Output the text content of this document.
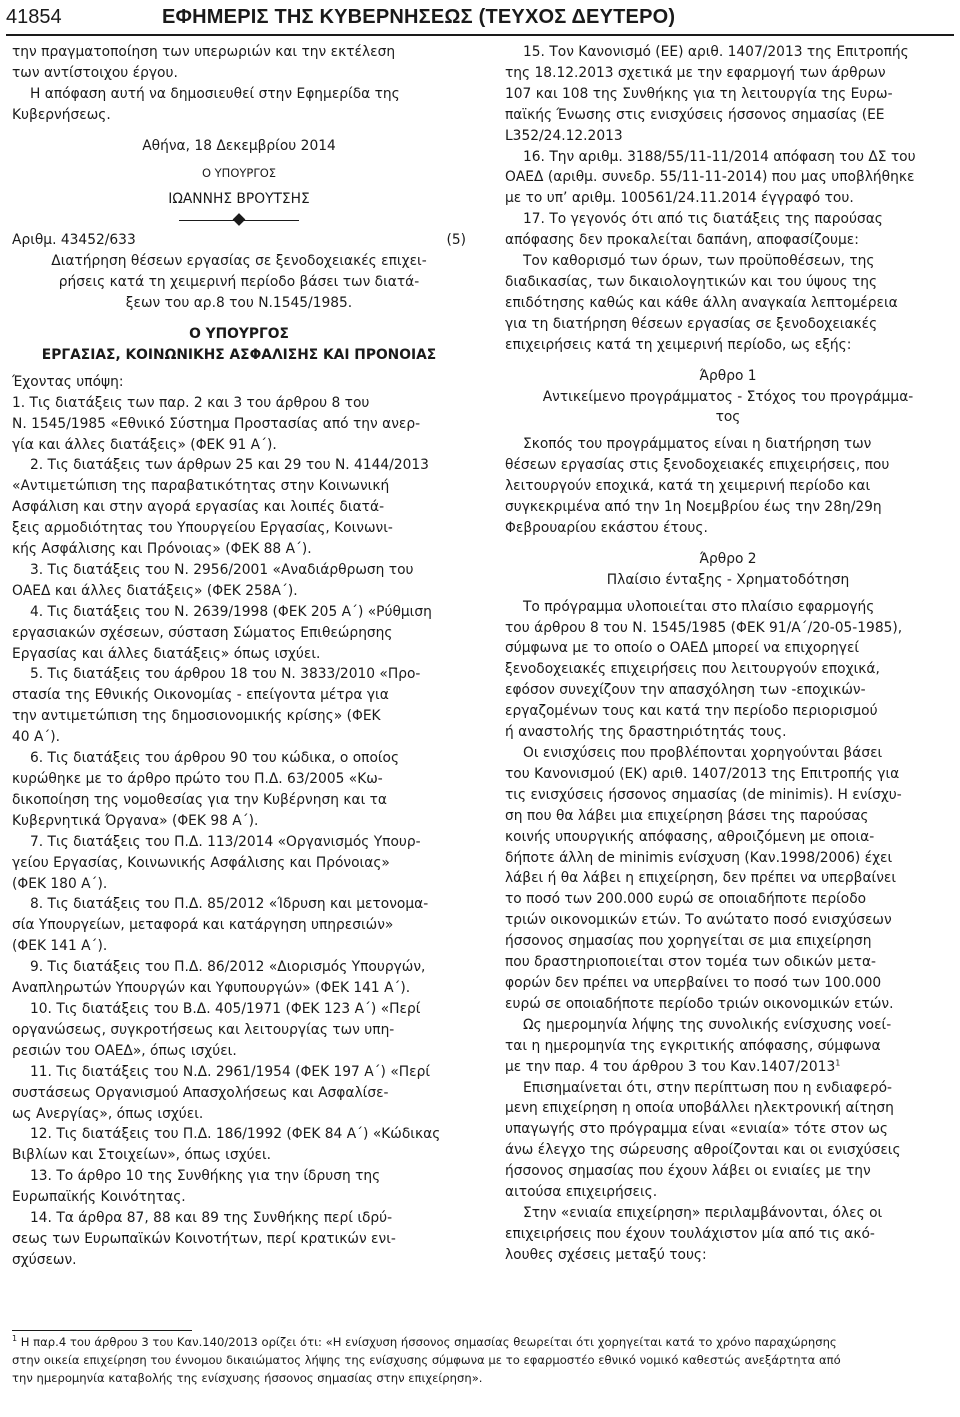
41854	ΕΦΗΜΕΡΙΣ ΤΗΣ ΚΥΒΕΡΝΗΣΕΩΣ (ΤΕΥΧΟΣ ΔΕΥΤΕΡΟ)

την πραγματοποίηση των υπερωριών και την εκτέλεση

των αντίστοιχου έργου.

Η απόφαση αυτή να δημοσιευθεί στην Εφημερίδα της

Κυβερνήσεως.

Αθήνα, 18 Δεκεμβρίου 2014

Ο ΥΠΟΥΡΓΟΣ

ΙΩΑΝΝΗΣ ΒΡΟΥΤΣΗΣ

Αριθμ. 43452/633	(5)

Διατήρηση θέσεων εργασίας σε ξενοδοχειακές επιχει-

ρήσεις κατά τη χειμερινή περίοδο βάσει των διατά-

ξεων του αρ.8 του Ν.1545/1985.

Ο ΥΠΟΥΡΓΟΣ

ΕΡΓΑΣΙΑΣ, ΚΟΙΝΩΝΙΚΗΣ ΑΣΦΑΛΙΣΗΣ ΚΑΙ ΠΡΟΝΟΙΑΣ

Έχοντας υπόψη:

1. Τις διατάξεις των παρ. 2 και 3 του άρθρου 8 του

Ν. 1545/1985 «Εθνικό Σύστημα Προστασίας από την ανερ-

γία και άλλες διατάξεις» (ΦΕΚ 91 Α΄).

2. Τις διατάξεις των άρθρων 25 και 29 του Ν. 4144/2013

«Αντιμετώπιση της παραβατικότητας στην Κοινωνική

Ασφάλιση και στην αγορά εργασίας και λοιπές διατά-

ξεις αρμοδιότητας του Υπουργείου Εργασίας, Κοινωνι-

κής Ασφάλισης και Πρόνοιας» (ΦΕΚ 88 Α΄).

3. Τις διατάξεις του Ν. 2956/2001 «Αναδιάρθρωση του

ΟΑΕΔ και άλλες διατάξεις» (ΦΕΚ 258Α΄).

4. Τις διατάξεις του Ν. 2639/1998 (ΦΕΚ 205 Α΄) «Ρύθμιση

εργασιακών σχέσεων, σύσταση Σώματος Επιθεώρησης

Εργασίας και άλλες διατάξεις» όπως ισχύει.

5. Τις διατάξεις του άρθρου 18 του Ν. 3833/2010 «Προ-

στασία της Εθνικής Οικονομίας - επείγοντα μέτρα για

την αντιμετώπιση της δημοσιονομικής κρίσης» (ΦΕΚ

40 Α΄).

6. Τις διατάξεις του άρθρου 90 του κώδικα, ο οποίος

κυρώθηκε με το άρθρο πρώτο του Π.Δ. 63/2005 «Κω-

δικοποίηση της νομοθεσίας για την Κυβέρνηση και τα

Κυβερνητικά Όργανα» (ΦΕΚ 98 Α΄).

7. Τις διατάξεις του Π.Δ. 113/2014 «Οργανισμός Υπουρ-

γείου Εργασίας, Κοινωνικής Ασφάλισης και Πρόνοιας»

(ΦΕΚ 180 Α΄).

8. Τις διατάξεις του Π.Δ. 85/2012 «Ίδρυση και μετονομα-

σία Υπουργείων, μεταφορά και κατάργηση υπηρεσιών»

(ΦΕΚ 141 Α΄).

9. Τις διατάξεις του Π.Δ. 86/2012 «Διορισμός Υπουργών,

Αναπληρωτών Υπουργών και Υφυπουργών» (ΦΕΚ 141 Α΄).

10. Τις διατάξεις του Β.Δ. 405/1971 (ΦΕΚ 123 Α΄) «Περί

οργανώσεως, συγκροτήσεως και λειτουργίας των υπη-

ρεσιών του ΟΑΕΔ», όπως ισχύει.

11. Τις διατάξεις του Ν.Δ. 2961/1954 (ΦΕΚ 197 Α΄) «Περί

συστάσεως Οργανισμού Απασχολήσεως και Ασφαλίσε-

ως Ανεργίας», όπως ισχύει.

12. Τις διατάξεις του Π.Δ. 186/1992 (ΦΕΚ 84 Α΄) «Κώδικας

Βιβλίων και Στοιχείων», όπως ισχύει.

13. Το άρθρο 10 της Συνθήκης για την ίδρυση της

Ευρωπαϊκής Κοινότητας.

14. Τα άρθρα 87, 88 και 89 της Συνθήκης περί ιδρύ-

σεως των Ευρωπαϊκών Κοινοτήτων, περί κρατικών ενι-

σχύσεων.

15. Τον Κανονισμό (ΕΕ) αριθ. 1407/2013 της Επιτροπής

της 18.12.2013 σχετικά με την εφαρμογή των άρθρων

107 και 108 της Συνθήκης για τη λειτουργία της Ευρω-

παϊκής Ένωσης στις ενισχύσεις ήσσονος σημασίας (ΕΕ

L352/24.12.2013

16. Την αριθμ. 3188/55/11-11/2014 απόφαση του ΔΣ του

ΟΑΕΔ (αριθμ. συνεδρ. 55/11-11-2014) που μας υποβλήθηκε

με το υπ’ αριθμ. 100561/24.11.2014 έγγραφό του.

17. Το γεγονός ότι από τις διατάξεις της παρούσας

απόφασης δεν προκαλείται δαπάνη, αποφασίζουμε:

Τον καθορισμό των όρων, των προϋποθέσεων, της

διαδικασίας, των δικαιολογητικών και του ύψους της

επιδότησης καθώς και κάθε άλλη αναγκαία λεπτομέρεια

για τη διατήρηση θέσεων εργασίας σε ξενοδοχειακές

επιχειρήσεις κατά τη χειμερινή περίοδο, ως εξής:

Άρθρο 1

Αντικείμενο προγράμματος - Στόχος του προγράμμα-

τος

Σκοπός του προγράμματος είναι η διατήρηση των

θέσεων εργασίας στις ξενοδοχειακές επιχειρήσεις, που

λειτουργούν εποχικά, κατά τη χειμερινή περίοδο και

συγκεκριμένα από την 1η Νοεμβρίου έως την 28η/29η

Φεβρουαρίου εκάστου έτους.

Άρθρο 2

Πλαίσιο ένταξης - Χρηματοδότηση

Το πρόγραμμα υλοποιείται στο πλαίσιο εφαρμογής

του άρθρου 8 του Ν. 1545/1985 (ΦΕΚ 91/Α΄/20-05-1985),

σύμφωνα με το οποίο ο ΟΑΕΔ μπορεί να επιχορηγεί

ξενοδοχειακές επιχειρήσεις που λειτουργούν εποχικά,

εφόσον συνεχίζουν την απασχόληση των -εποχικών-

εργαζομένων τους και κατά την περίοδο περιορισμού

ή αναστολής της δραστηριότητάς τους.

Οι ενισχύσεις που προβλέπονται χορηγούνται βάσει

του Κανονισμού (ΕΚ) αριθ. 1407/2013 της Επιτροπής για

τις ενισχύσεις ήσσονος σημασίας (de minimis). Η ενίσχυ-

ση που θα λάβει μια επιχείρηση βάσει της παρούσας

κοινής υπουργικής απόφασης, αθροιζόμενη με οποια-

δήποτε άλλη de minimis ενίσχυση (Καν.1998/2006) έχει

λάβει ή θα λάβει η επιχείρηση, δεν πρέπει να υπερβαίνει

το ποσό των 200.000 ευρώ σε οποιαδήποτε περίοδο

τριών οικονομικών ετών. Το ανώτατο ποσό ενισχύσεων

ήσσονος σημασίας που χορηγείται σε μια επιχείρηση

που δραστηριοποιείται στον τομέα των οδικών μετα-

φορών δεν πρέπει να υπερβαίνει το ποσό των 100.000

ευρώ σε οποιαδήποτε περίοδο τριών οικονομικών ετών.

Ως ημερομηνία λήψης της συνολικής ενίσχυσης νοεί-

ται η ημερομηνία της εγκριτικής απόφασης, σύμφωνα

με την παρ. 4 του άρθρου 3 του Καν.1407/2013$^1$

Επισημαίνεται ότι, στην περίπτωση που η ενδιαφερό-

μενη επιχείρηση η οποία υποβάλλει ηλεκτρονική αίτηση

υπαγωγής στο πρόγραμμα είναι «ενιαία» τότε στον ως

άνω έλεγχο της σώρευσης αθροίζονται και οι ενισχύσεις

ήσσονος σημασίας που έχουν λάβει οι ενιαίες με την

αιτούσα επιχειρήσεις.

Στην «ενιαία επιχείρηση» περιλαμβάνονται, όλες οι

επιχειρήσεις που έχουν τουλάχιστον μία από τις ακό-

λουθες σχέσεις μεταξύ τους:

$^1$ Η παρ.4 του άρθρου 3 του Καν.140/2013 ορίζει ότι: «Η ενίσχυση ήσσονος σημασίας θεωρείται ότι χορηγείται κατά το χρόνο παραχώρησης

στην οικεία επιχείρηση του έννομου δικαιώματος λήψης της ενίσχυσης σύμφωνα με το εφαρμοστέο εθνικό νομικό καθεστώς ανεξάρτητα από

την ημερομηνία καταβολής της ενίσχυσης ήσσονος σημασίας στην επιχείρηση».
